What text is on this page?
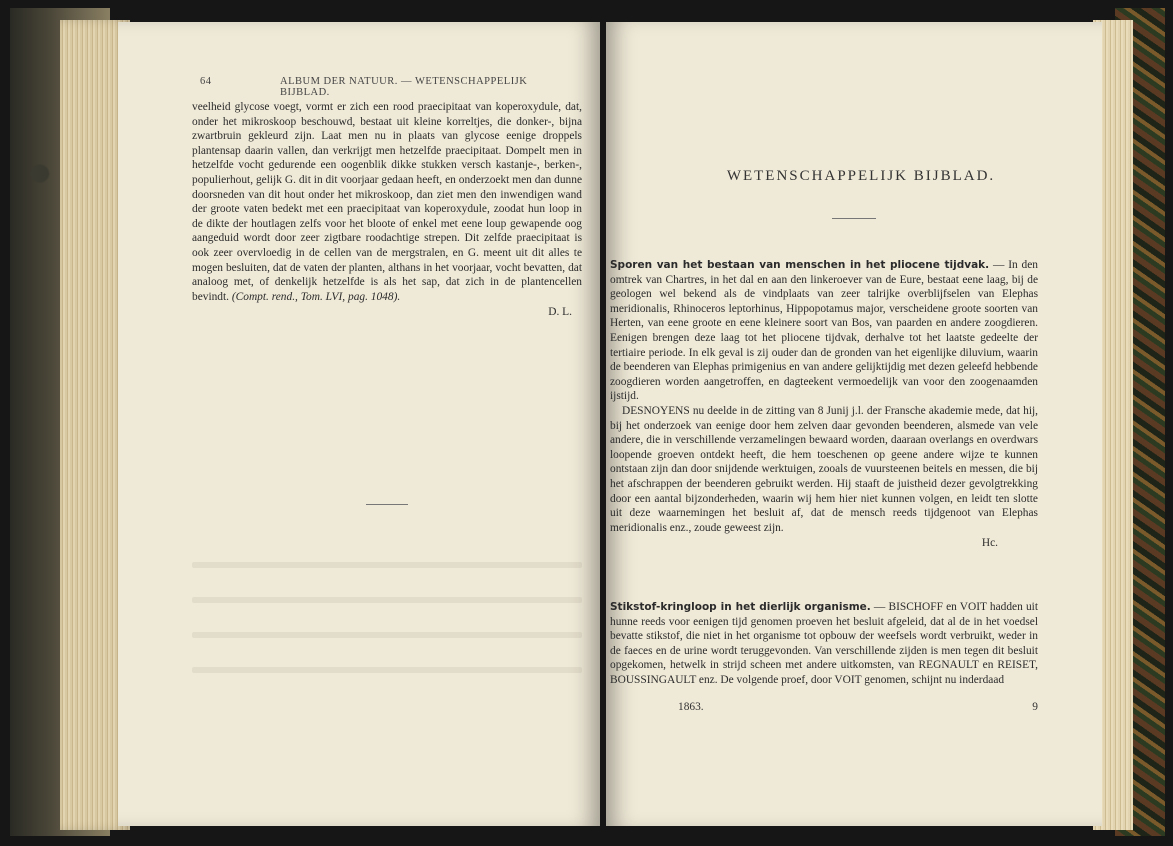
64	ALBUM DER NATUUR. — WETENSCHAPPELIJK BIJBLAD.

veelheid glycose voegt, vormt er zich een rood praecipitaat van koperoxydule, dat, onder het mikroskoop beschouwd, bestaat uit kleine korreltjes, die donker-, bijna zwartbruin gekleurd zijn. Laat men nu in plaats van glycose eenige droppels plantensap daarin vallen, dan verkrijgt men hetzelfde praecipitaat. Dompelt men in hetzelfde vocht gedurende een oogenblik dikke stukken versch kastanje-, berken-, populierhout, gelijk G. dit in dit voorjaar gedaan heeft, en onderzoekt men dan dunne doorsneden van dit hout onder het mikroskoop, dan ziet men den inwendigen wand der groote vaten bedekt met een praecipitaat van koperoxydule, zoodat hun loop in de dikte der houtlagen zelfs voor het bloote of enkel met eene loup gewapende oog aangeduid wordt door zeer zigtbare roodachtige strepen. Dit zelfde praecipitaat is ook zeer overvloedig in de cellen van de mergstralen, en G. meent uit dit alles te mogen besluiten, dat de vaten der planten, althans in het voorjaar, vocht bevatten, dat analoog met, of denkelijk hetzelfde is als het sap, dat zich in de plantencellen bevindt. (Compt. rend., Tom. LVI, pag. 1048).

D. L.
WETENSCHAPPELIJK BIJBLAD.

Sporen van het bestaan van menschen in het pliocene tijdvak. — In den omtrek van Chartres, in het dal en aan den linkeroever van de Eure, bestaat eene laag, bij de geologen wel bekend als de vindplaats van zeer talrijke overblijfselen van Elephas meridionalis, Rhinoceros leptorhinus, Hippopotamus major, verscheidene groote soorten van Herten, van eene groote en eene kleinere soort van Bos, van paarden en andere zoogdieren. Eenigen brengen deze laag tot het pliocene tijdvak, derhalve tot het laatste gedeelte der tertiaire periode. In elk geval is zij ouder dan de gronden van het eigenlijke diluvium, waarin de beenderen van Elephas primigenius en van andere gelijktijdig met dezen geleefd hebbende zoogdieren worden aangetroffen, en dagteekent vermoedelijk van voor den zoogenaamden ijstijd.

DESNOYENS nu deelde in de zitting van 8 Junij j.l. der Fransche akademie mede, dat hij, bij het onderzoek van eenige door hem zelven daar gevonden beenderen, alsmede van vele andere, die in verschillende verzamelingen bewaard worden, daaraan overlangs en overdwars loopende groeven ontdekt heeft, die hem toeschenen op geene andere wijze te kunnen ontstaan zijn dan door snijdende werktuigen, zooals de vuursteenen beitels en messen, die bij het afschrappen der beenderen gebruikt werden. Hij staaft de juistheid dezer gevolgtrekking door een aantal bijzonderheden, waarin wij hem hier niet kunnen volgen, en leidt ten slotte uit deze waarnemingen het besluit af, dat de mensch reeds tijdgenoot van Elephas meridionalis enz., zoude geweest zijn.

Hc.

Stikstof-kringloop in het dierlijk organisme. — BISCHOFF en VOIT hadden uit hunne reeds voor eenigen tijd genomen proeven het besluit afgeleid, dat al de in het voedsel bevatte stikstof, die niet in het organisme tot opbouw der weefsels wordt verbruikt, weder in de faeces en de urine wordt teruggevonden. Van verschillende zijden is men tegen dit besluit opgekomen, hetwelk in strijd scheen met andere uitkomsten, van REGNAULT en REISET, BOUSSINGAULT enz. De volgende proef, door VOIT genomen, schijnt nu inderdaad

1863.	9
